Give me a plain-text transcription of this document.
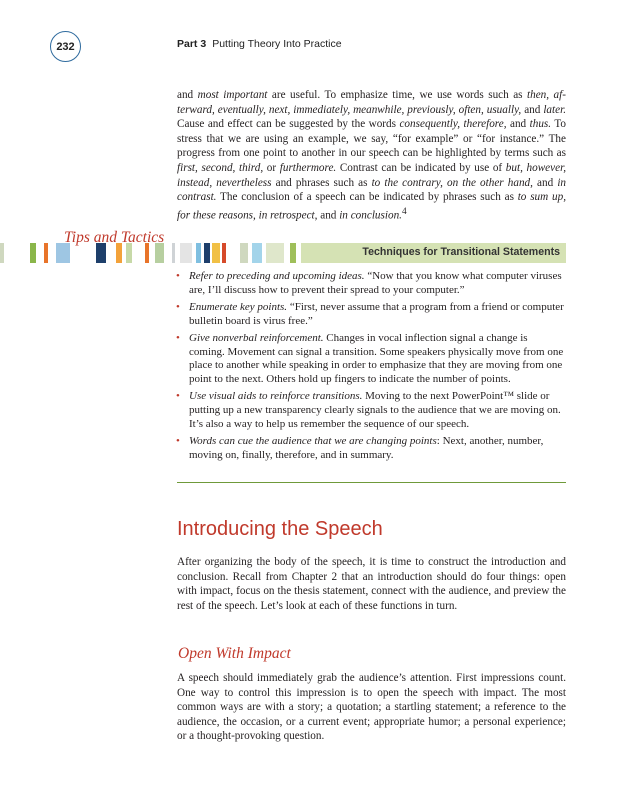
232	Part 3 Putting Theory Into Practice
and most important are useful. To emphasize time, we use words such as then, af-terward, eventually, next, immediately, meanwhile, previously, often, usually, and later. Cause and effect can be suggested by the words consequently, therefore, and thus. To stress that we are using an example, we say, “for example” or “for instance.” The progress from one point to another in our speech can be highlighted by terms such as first, second, third, or furthermore. Contrast can be indicated by use of but, however, instead, nevertheless and phrases such as to the contrary, on the other hand, and in contrast. The conclusion of a speech can be indicated by phrases such as to sum up, for these reasons, in retrospect, and in conclusion.$^4$
Techniques for Transitional Statements
Tips and Tactics
• Refer to preceding and upcoming ideas. “Now that you know what computer viruses are, I’ll discuss how to prevent their spread to your computer.”
• Enumerate key points. “First, never assume that a program from a friend or computer bulletin board is virus free.”
• Give nonverbal reinforcement. Changes in vocal inflection signal a change is coming. Movement can signal a transition. Some speakers physically move from one place to another while speaking in order to emphasize that they are moving from one point to the next. Others hold up fingers to indicate the number of points.
• Use visual aids to reinforce transitions. Moving to the next PowerPoint™ slide or putting up a new transparency clearly signals to the audience that we are moving on. It’s also a way to help us remember the sequence of our speech.
• Words can cue the audience that we are changing points: Next, another, number, moving on, finally, therefore, and in summary.
Introducing the Speech
After organizing the body of the speech, it is time to construct the introduction and conclusion. Recall from Chapter 2 that an introduction should do four things: open with impact, focus on the thesis statement, connect with the audience, and preview the rest of the speech. Let’s look at each of these functions in turn.
Open With Impact
A speech should immediately grab the audience’s attention. First impressions count. One way to control this impression is to open the speech with impact. The most common ways are with a story; a quotation; a startling statement; a reference to the audience, the occasion, or a current event; appropriate humor; a personal experience; or a thought-provoking question.
